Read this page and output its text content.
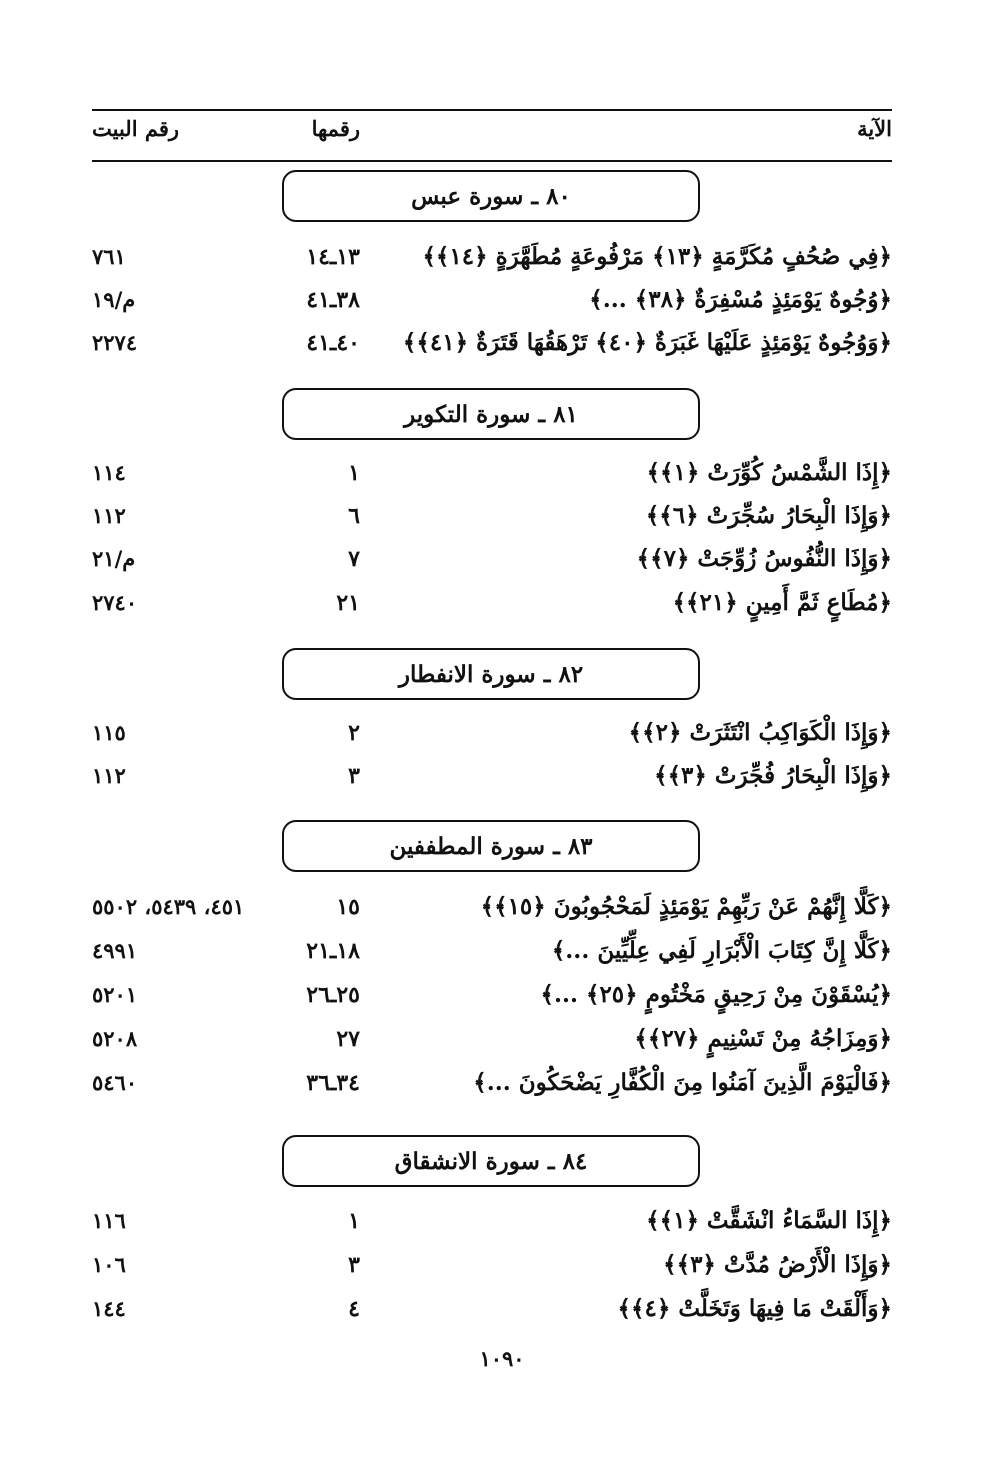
الآية
رقمها
رقم البيت
٨٠ ـ سورة عبس
﴿فِي صُحُفٍ مُكَرَّمَةٍ ﴿١٣﴾ مَرْفُوعَةٍ مُطَهَّرَةٍ ﴿١٤﴾﴾
١٣ـ١٤
٧٦١
﴿وُجُوهٌ يَوْمَئِذٍ مُسْفِرَةٌ ﴿٣٨﴾ ...﴾
٣٨ـ٤١
م/١٩
﴿وَوُجُوهٌ يَوْمَئِذٍ عَلَيْهَا غَبَرَةٌ ﴿٤٠﴾ تَرْهَقُهَا قَتَرَةٌ ﴿٤١﴾﴾
٤٠ـ٤١
٢٢٧٤
٨١ ـ سورة التكوير
﴿إِذَا الشَّمْسُ كُوِّرَتْ ﴿١﴾﴾
١
١١٤
﴿وَإِذَا الْبِحَارُ سُجِّرَتْ ﴿٦﴾﴾
٦
١١٢
﴿وَإِذَا النُّفُوسُ زُوِّجَتْ ﴿٧﴾﴾
٧
م/٢١
﴿مُطَاعٍ ثَمَّ أَمِينٍ ﴿٢١﴾﴾
٢١
٢٧٤٠
٨٢ ـ سورة الانفطار
﴿وَإِذَا الْكَوَاكِبُ انْتَثَرَتْ ﴿٢﴾﴾
٢
١١٥
﴿وَإِذَا الْبِحَارُ فُجِّرَتْ ﴿٣﴾﴾
٣
١١٢
٨٣ ـ سورة المطففين
﴿كَلَّا إِنَّهُمْ عَنْ رَبِّهِمْ يَوْمَئِذٍ لَمَحْجُوبُونَ ﴿١٥﴾﴾
١٥
٤٥١، ٥٤٣٩، ٥٥٠٢
﴿كَلَّا إِنَّ كِتَابَ الْأَبْرَارِ لَفِي عِلِّيِّينَ ...﴾
١٨ـ٢١
٤٩٩١
﴿يُسْقَوْنَ مِنْ رَحِيقٍ مَخْتُومٍ ﴿٢٥﴾ ...﴾
٢٥ـ٢٦
٥٢٠١
﴿وَمِزَاجُهُ مِنْ تَسْنِيمٍ ﴿٢٧﴾﴾
٢٧
٥٢٠٨
﴿فَالْيَوْمَ الَّذِينَ آمَنُوا مِنَ الْكُفَّارِ يَضْحَكُونَ ...﴾
٣٤ـ٣٦
٥٤٦٠
٨٤ ـ سورة الانشقاق
﴿إِذَا السَّمَاءُ انْشَقَّتْ ﴿١﴾﴾
١
١١٦
﴿وَإِذَا الْأَرْضُ مُدَّتْ ﴿٣﴾﴾
٣
١٠٦
﴿وَأَلْقَتْ مَا فِيهَا وَتَخَلَّتْ ﴿٤﴾﴾
٤
١٤٤
١٠٩٠
